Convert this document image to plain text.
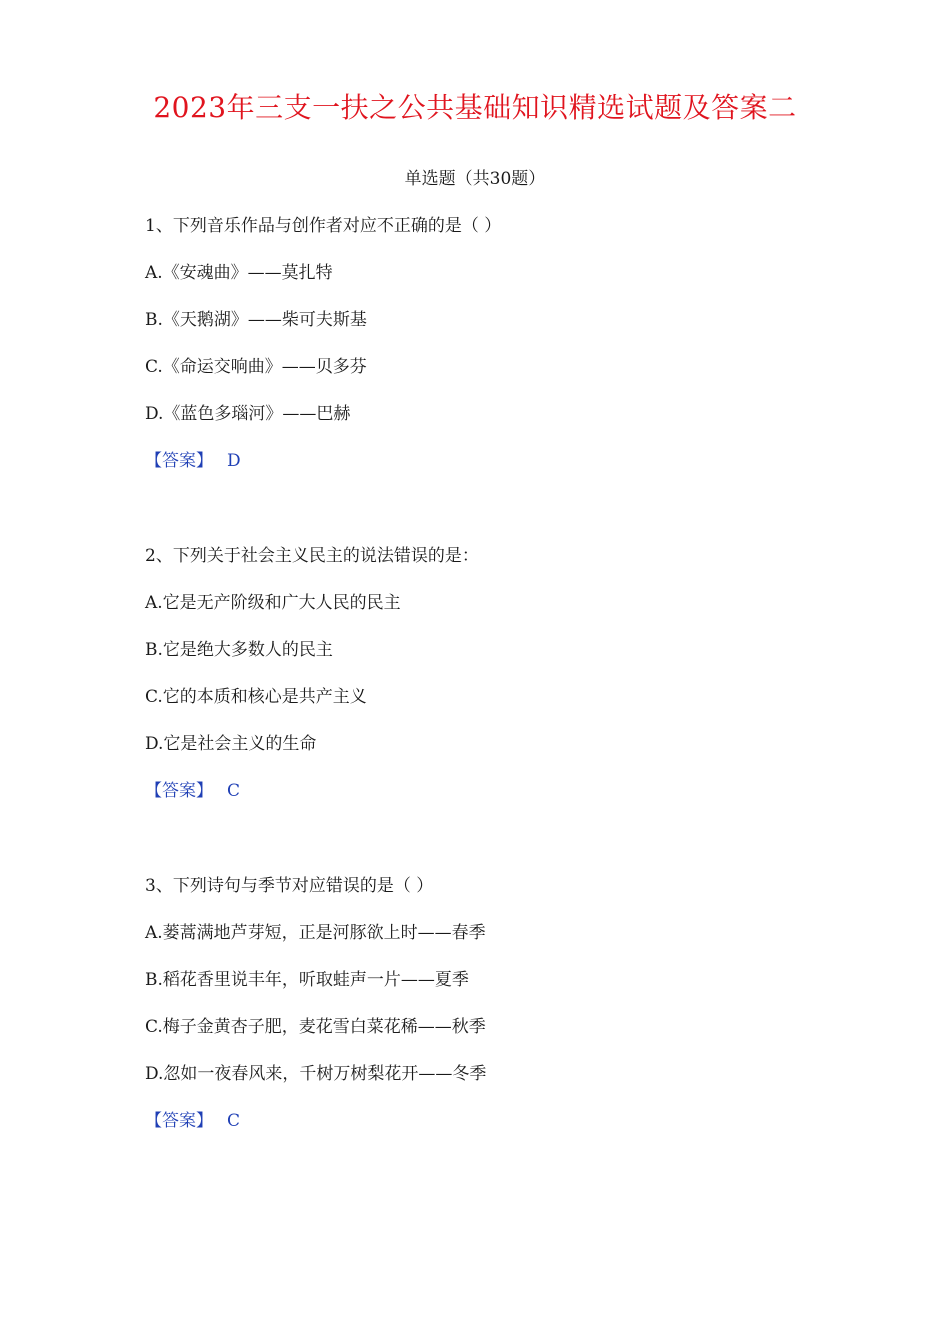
2023年三支一扶之公共基础知识精选试题及答案二
单选题（共30题）
1、下列音乐作品与创作者对应不正确的是（ ）
A.《安魂曲》——莫扎特
B.《天鹅湖》——柴可夫斯基
C.《命运交响曲》——贝多芬
D.《蓝色多瑙河》——巴赫
【答案】 D
2、下列关于社会主义民主的说法错误的是：
A.它是无产阶级和广大人民的民主
B.它是绝大多数人的民主
C.它的本质和核心是共产主义
D.它是社会主义的生命
【答案】 C
3、下列诗句与季节对应错误的是（ ）
A.蒌蒿满地芦芽短，正是河豚欲上时——春季
B.稻花香里说丰年，听取蛙声一片——夏季
C.梅子金黄杏子肥，麦花雪白菜花稀——秋季
D.忽如一夜春风来，千树万树梨花开——冬季
【答案】 C
